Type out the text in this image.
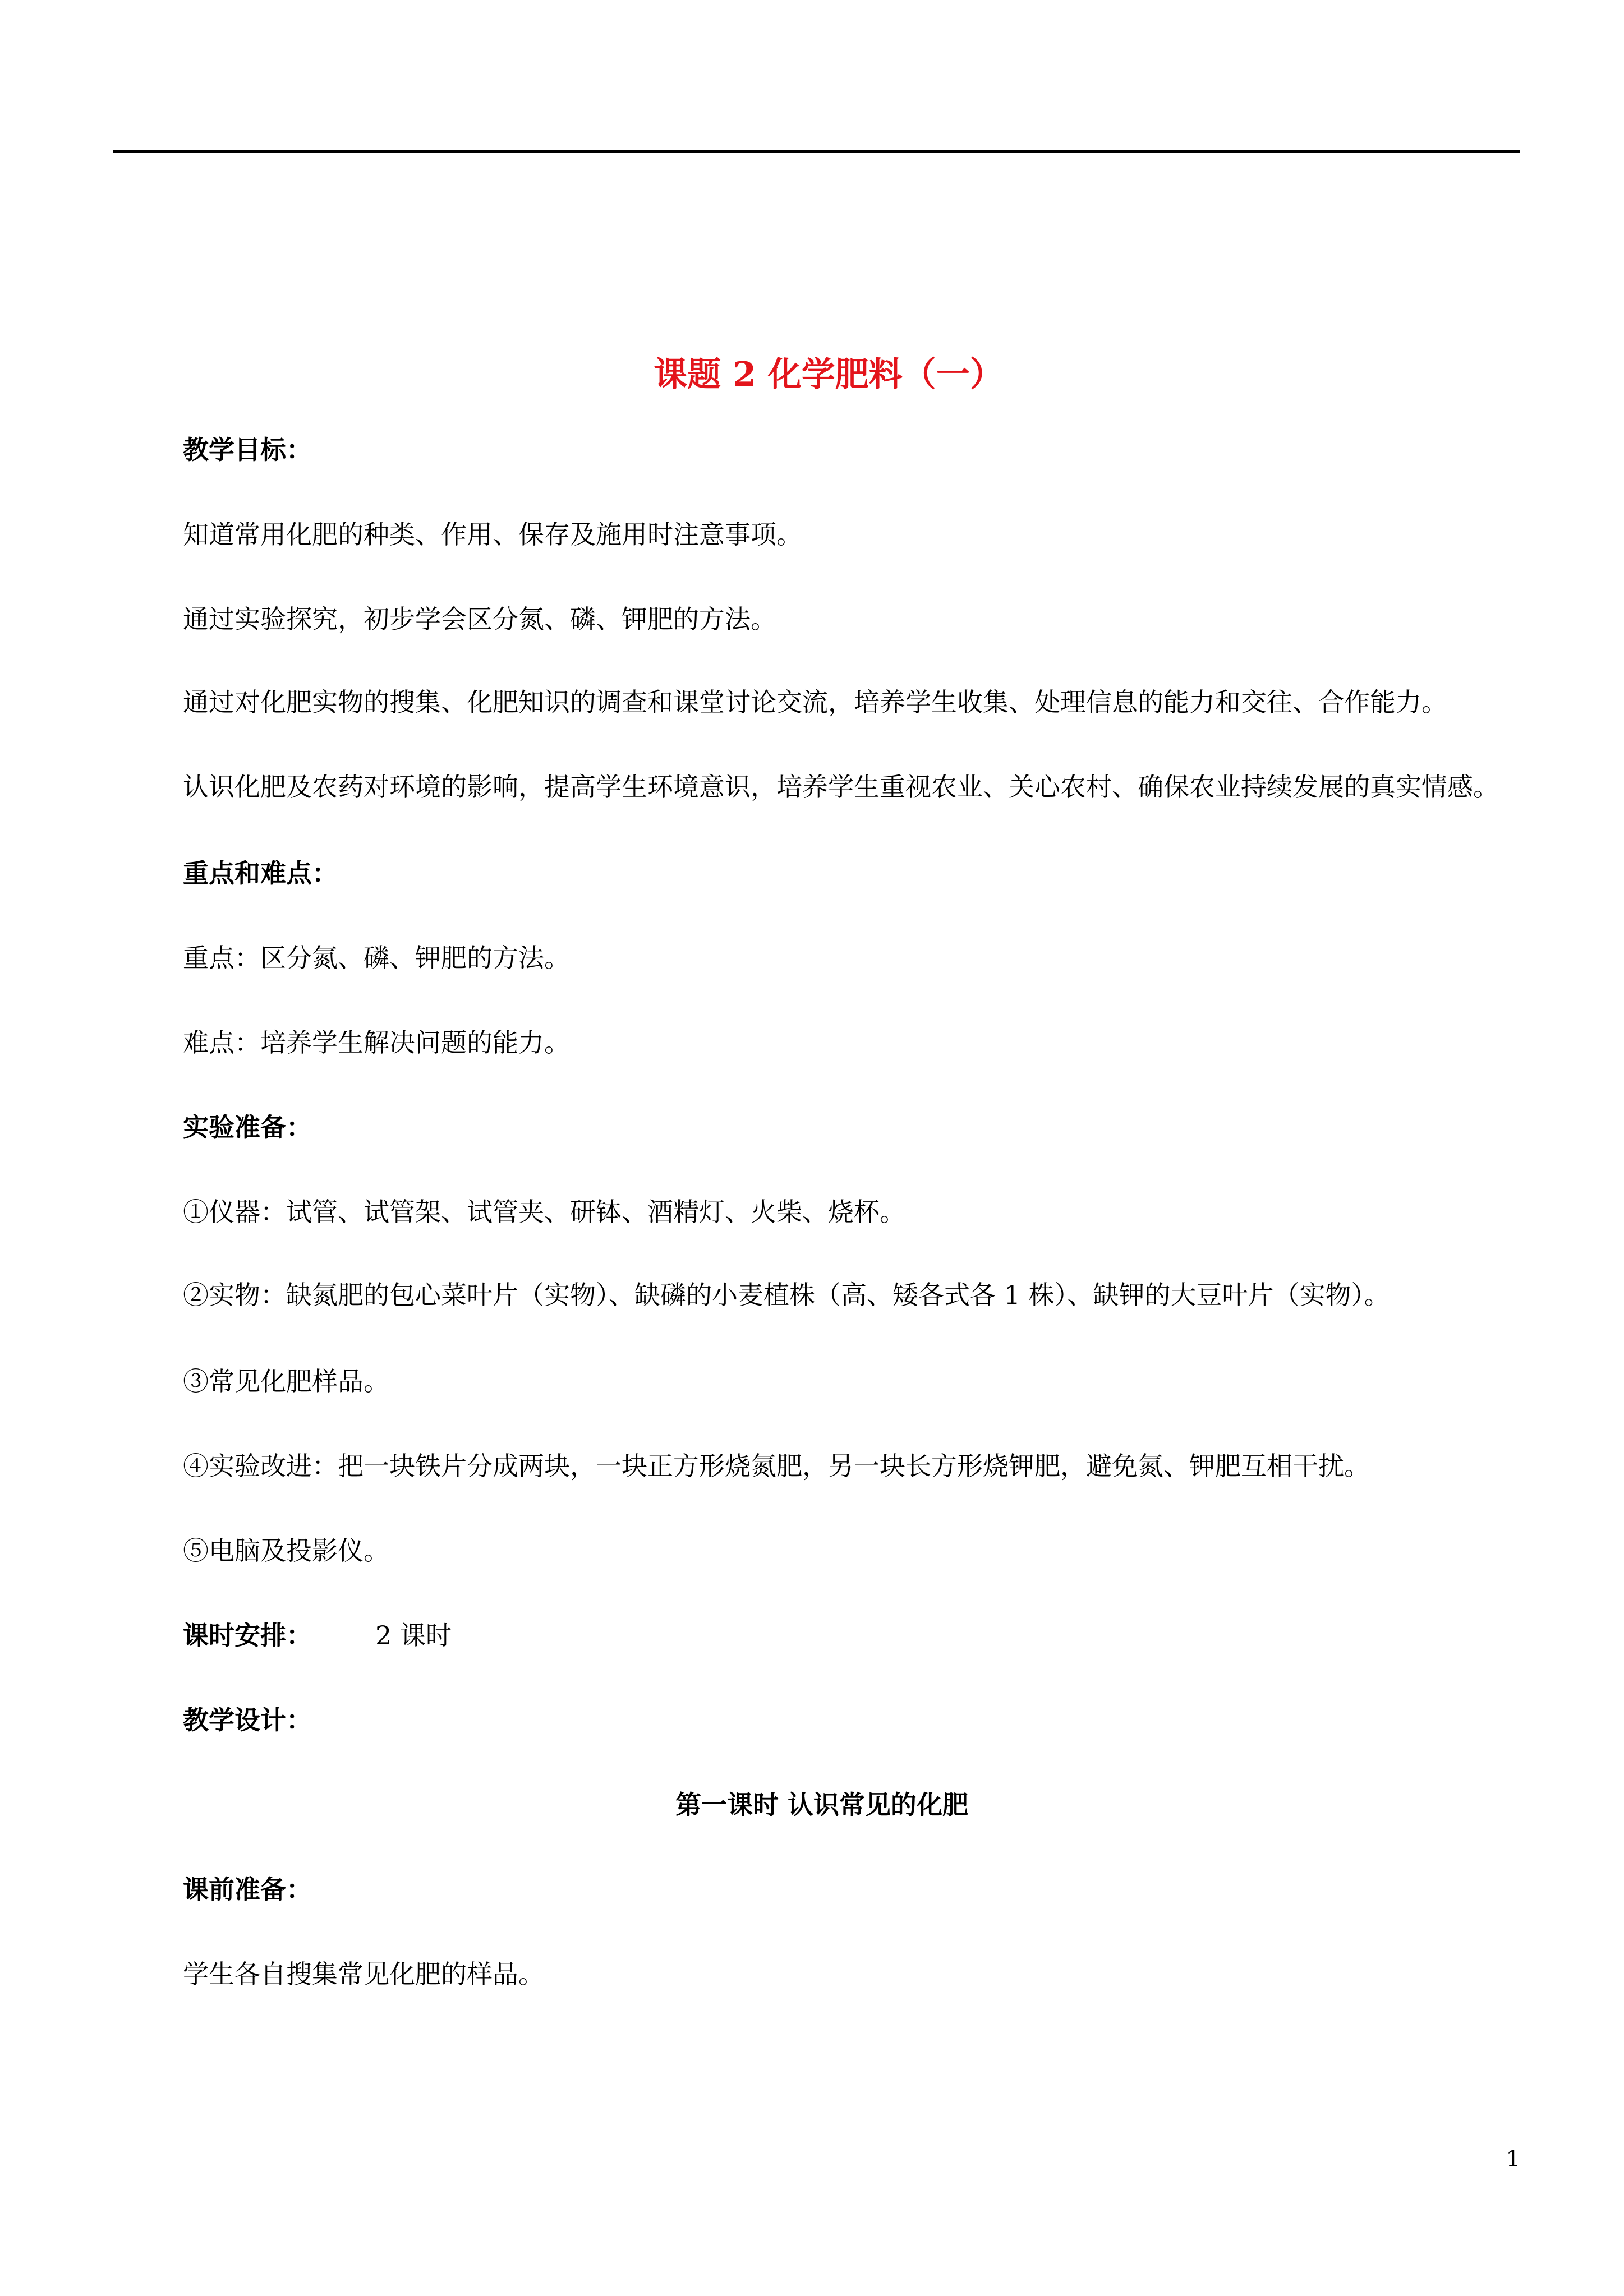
课题 2 化学肥料（一）
教学目标：
知道常用化肥的种类、作用、保存及施用时注意事项。
通过实验探究，初步学会区分氮、磷、钾肥的方法。
通过对化肥实物的搜集、化肥知识的调查和课堂讨论交流，培养学生收集、处理信息的能力和交往、合作能力。
认识化肥及农药对环境的影响，提高学生环境意识，培养学生重视农业、关心农村、确保农业持续发展的真实情感。
重点和难点：
重点：区分氮、磷、钾肥的方法。
难点：培养学生解决问题的能力。
实验准备：
①仪器：试管、试管架、试管夹、研钵、酒精灯、火柴、烧杯。
②实物：缺氮肥的包心菜叶片（实物）、缺磷的小麦植株（高、矮各式各 1 株）、缺钾的大豆叶片（实物）。
③常见化肥样品。
④实验改进：把一块铁片分成两块，一块正方形烧氮肥，另一块长方形烧钾肥，避免氮、钾肥互相干扰。
⑤电脑及投影仪。
课时安排：	2 课时
教学设计：
第一课时 认识常见的化肥
课前准备：
学生各自搜集常见化肥的样品。
1
